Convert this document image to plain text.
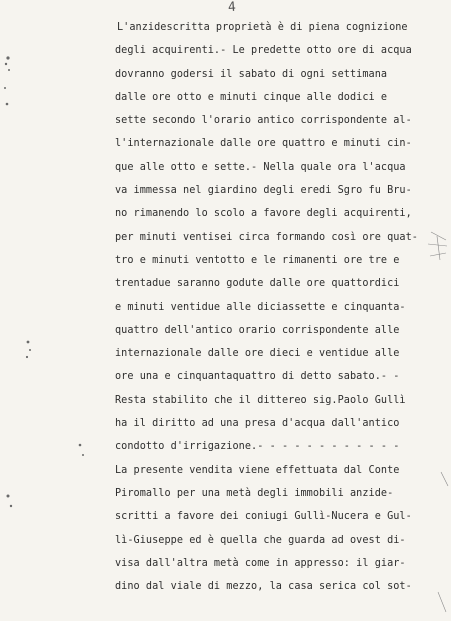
4
L'anzidescritta proprietà è di piena cognizione
degli acquirenti.- Le predette otto ore di acqua
dovranno godersi il sabato di ogni settimana
dalle ore otto e minuti cinque alle dodici e
sette secondo l'orario antico corrispondente al-
l'internazionale dalle ore quattro e minuti cin-
que alle otto e sette.- Nella quale ora l'acqua
va immessa nel giardino degli eredi Sgro fu Bru-
no rimanendo lo scolo a favore degli acquirenti,
per minuti ventisei circa formando così ore quat-
tro e minuti ventotto e le rimanenti ore tre e
trentadue saranno godute dalle ore quattordici
e minuti ventidue alle diciassette e cinquanta-
quattro dell'antico orario corrispondente alle
internazionale dalle ore dieci e ventidue alle
ore una e cinquantaquattro di detto sabato.- -
Resta stabilito che il dittereo sig.Paolo Gullì
ha il diritto ad una presa d'acqua dall'antico
condotto d'irrigazione.- - - - - - - - - - - -
La presente vendita viene effettuata dal Conte
Piromallo per una metà degli immobili anzide-
scritti a favore dei coniugi Gullì-Nucera e Gul-
lì-Giuseppe ed è quella che guarda ad ovest di-
visa dall'altra metà come in appresso: il giar-
dino dal viale di mezzo, la casa serica col sot-
